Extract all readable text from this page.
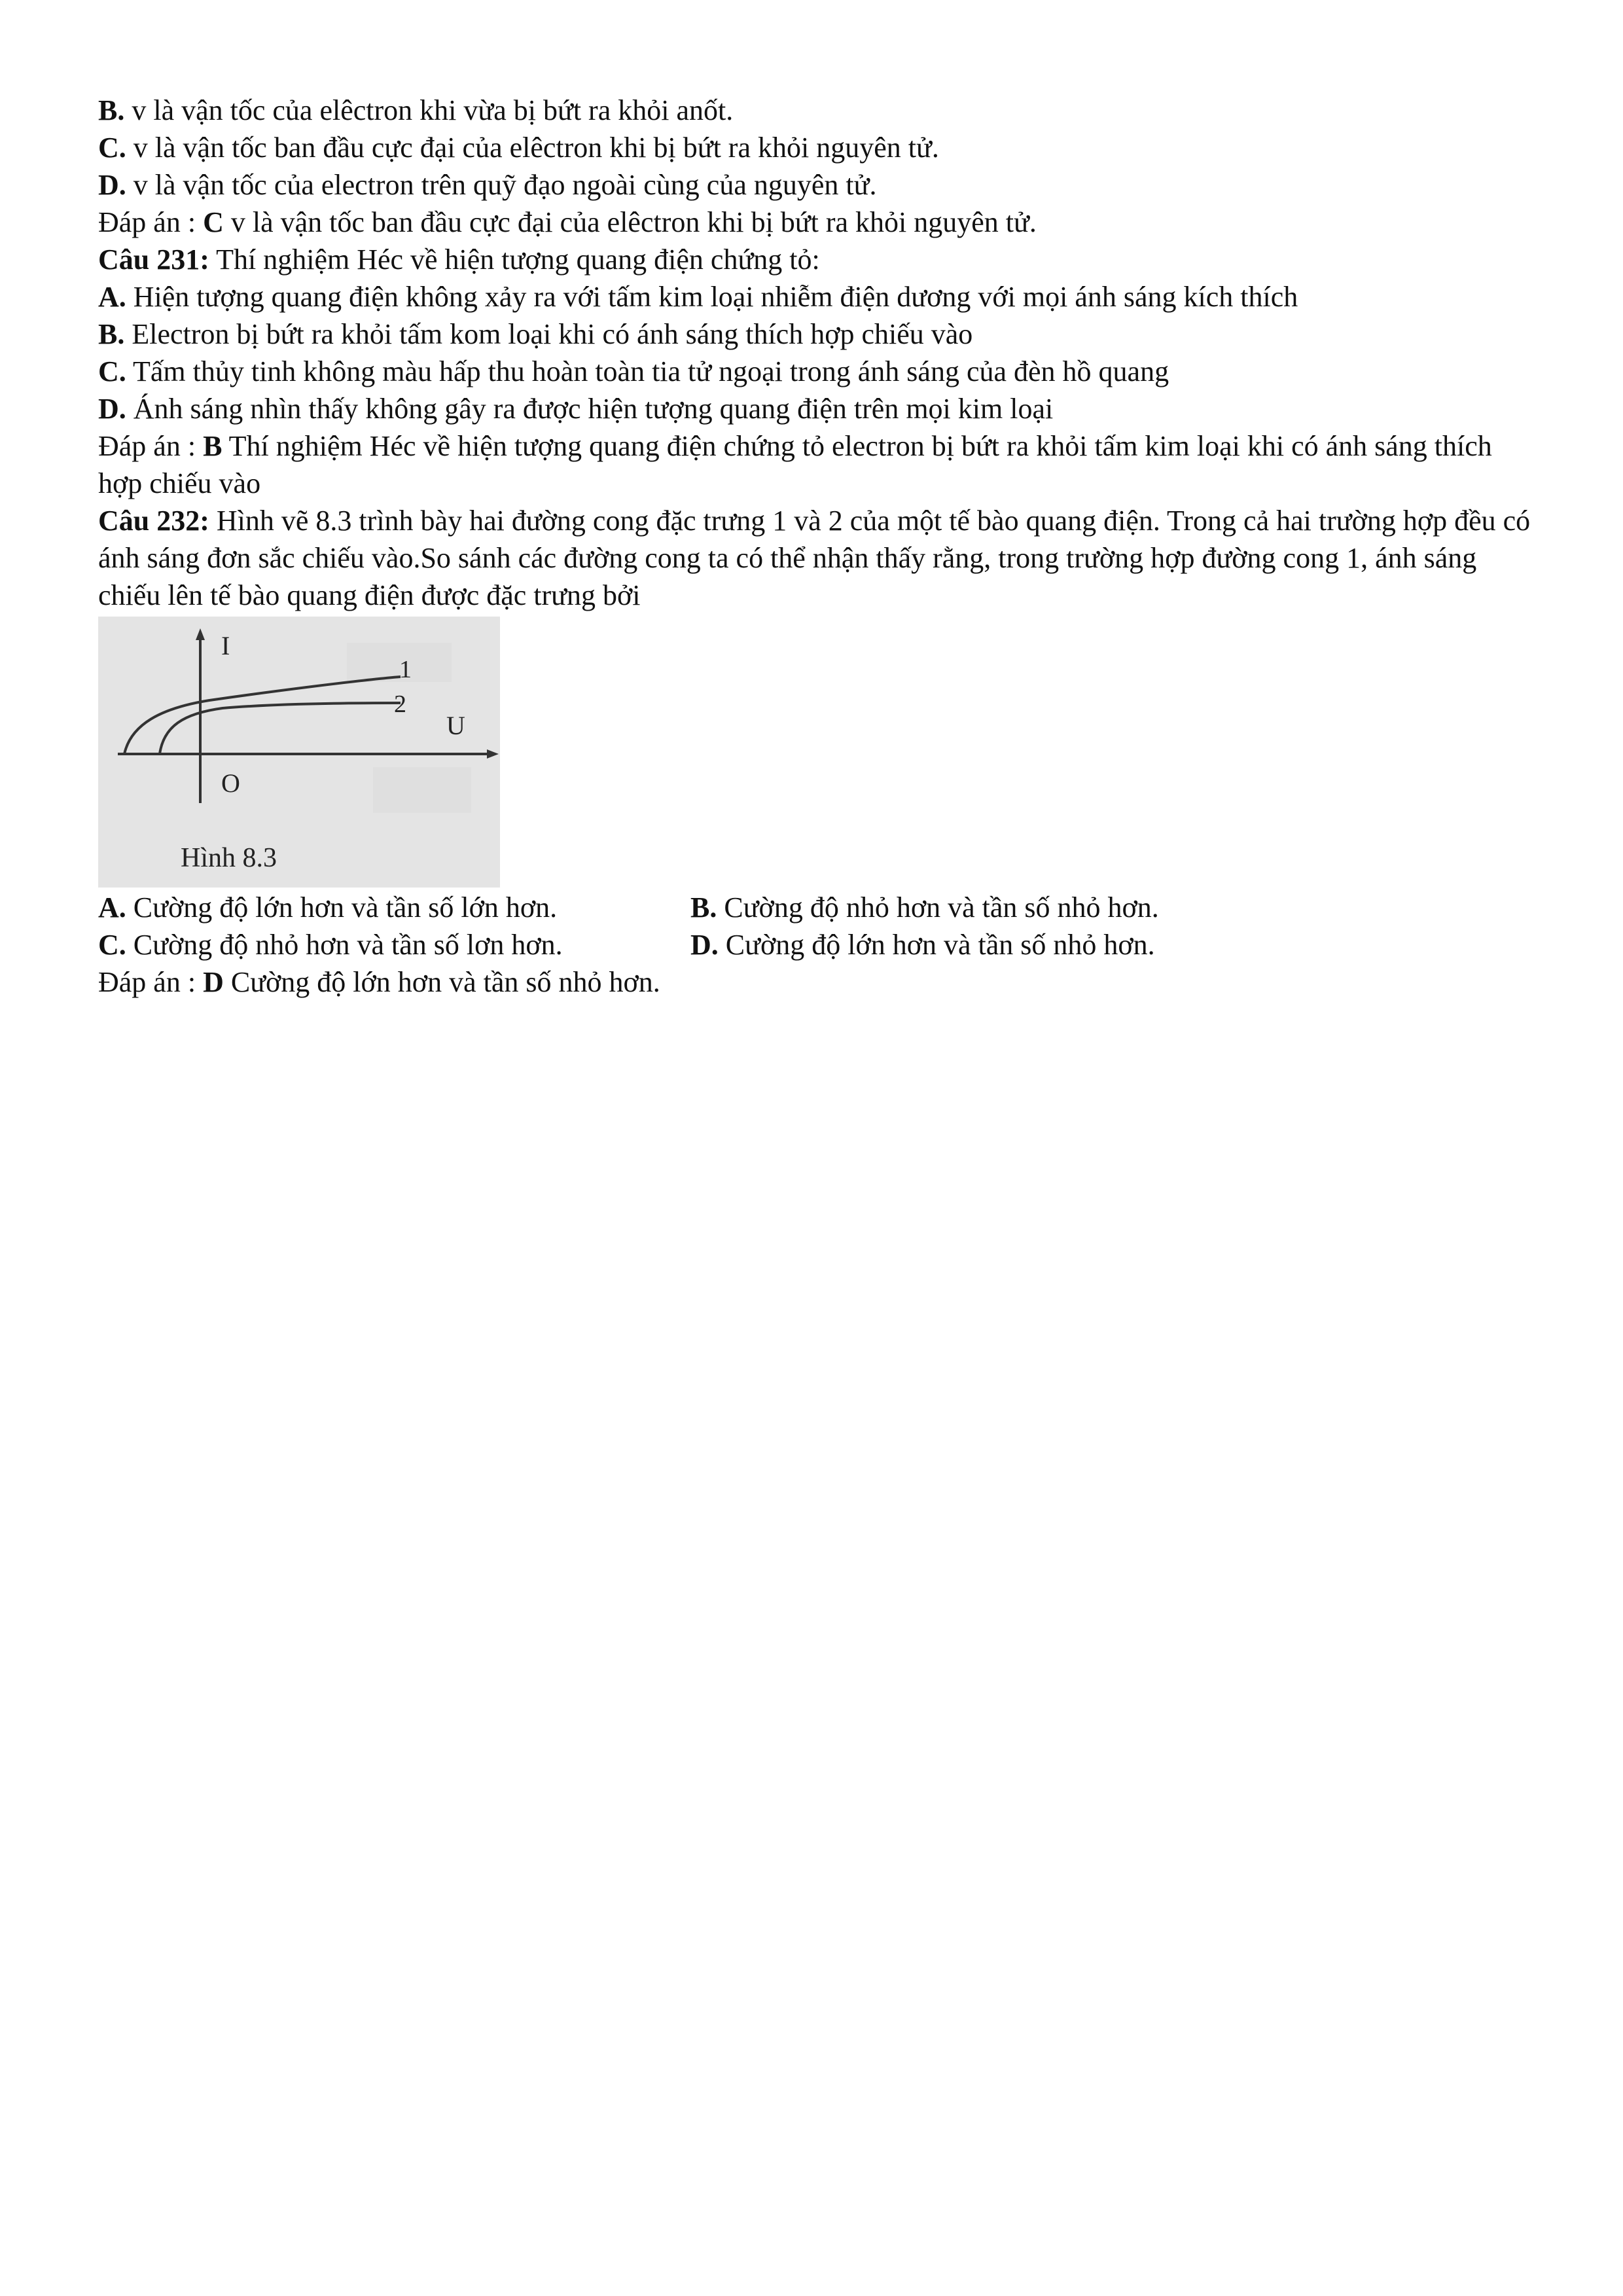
B. v là vận tốc của elêctron khi vừa bị bứt ra khỏi anốt.
C. v là vận tốc ban đầu cực đại của elêctron khi bị bứt ra khỏi nguyên tử.
D. v là vận tốc của electron trên quỹ đạo ngoài cùng của nguyên tử.
Đáp án : C v là vận tốc ban đầu cực đại của elêctron khi bị bứt ra khỏi nguyên tử.
Câu 231: Thí nghiệm Héc về hiện tượng quang điện chứng tỏ:
A. Hiện tượng quang điện không xảy ra với tấm kim loại nhiễm điện dương với mọi ánh sáng kích thích
B. Electron bị bứt ra khỏi tấm kom loại khi có ánh sáng thích hợp chiếu vào
C. Tấm thủy tinh không màu hấp thu hoàn toàn tia tử ngoại trong ánh sáng của đèn hồ quang
D. Ánh sáng nhìn thấy không gây ra được hiện tượng quang điện trên mọi kim loại
Đáp án : B Thí nghiệm Héc về hiện tượng quang điện chứng tỏ electron bị bứt ra khỏi tấm kim loại khi có ánh sáng thích hợp chiếu vào
Câu 232: Hình vẽ 8.3 trình bày hai đường cong đặc trưng 1 và 2 của một tế bào quang điện. Trong cả hai trường hợp đều có ánh sáng đơn sắc chiếu vào.So sánh các đường cong ta có thể nhận thấy rằng, trong trường hợp đường cong 1, ánh sáng chiếu lên tế bào quang điện được đặc trưng bởi
I
1
2
U
O
Hình 8.3
A. Cường độ lớn hơn và tần số lớn hơn.	B. Cường độ nhỏ hơn và tần số nhỏ hơn.
C. Cường độ nhỏ hơn và tần số lơn hơn.	D. Cường độ lớn hơn và tần số nhỏ hơn.
Đáp án : D Cường độ lớn hơn và tần số nhỏ hơn.
